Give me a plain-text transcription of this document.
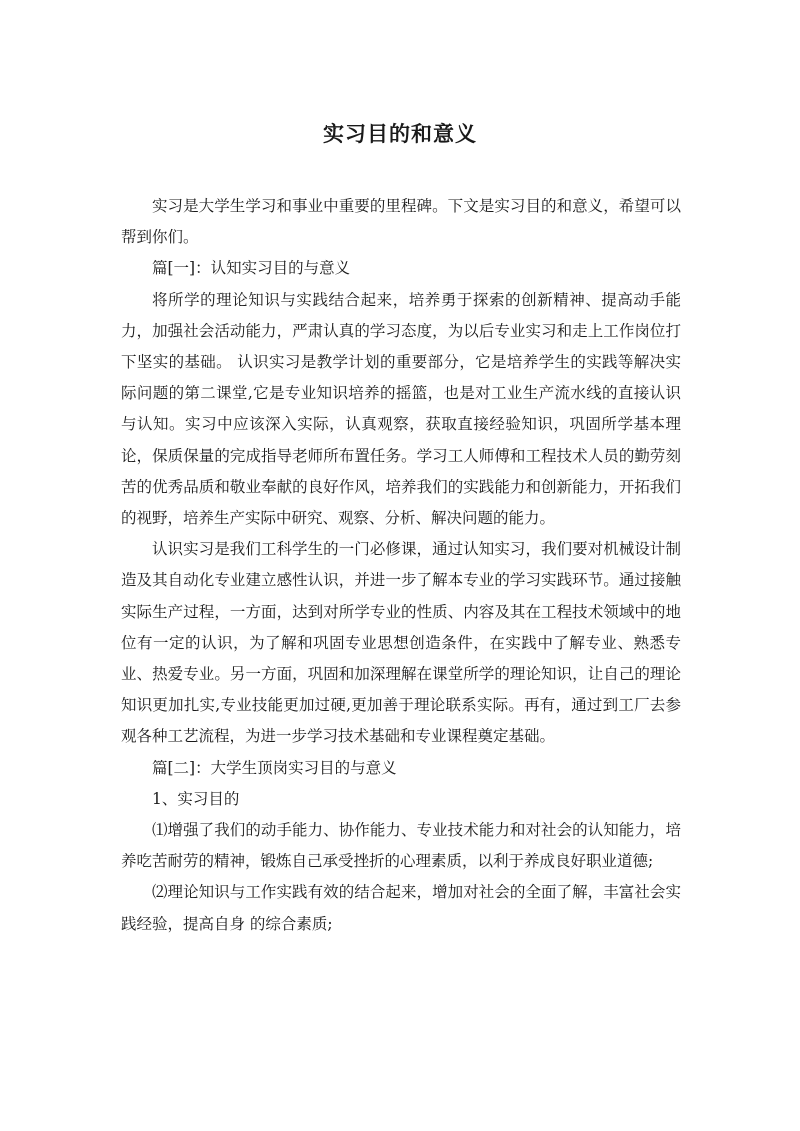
实习目的和意义

实习是大学生学习和事业中重要的里程碑。下文是实习目的和意义，希望可以帮到你们。

篇[一]：认知实习目的与意义

将所学的理论知识与实践结合起来，培养勇于探索的创新精神、提高动手能力，加强社会活动能力，严肃认真的学习态度，为以后专业实习和走上工作岗位打下坚实的基础。 认识实习是教学计划的重要部分，它是培养学生的实践等解决实际问题的第二课堂,它是专业知识培养的摇篮，也是对工业生产流水线的直接认识与认知。实习中应该深入实际，认真观察，获取直接经验知识，巩固所学基本理论，保质保量的完成指导老师所布置任务。学习工人师傅和工程技术人员的勤劳刻苦的优秀品质和敬业奉献的良好作风，培养我们的实践能力和创新能力，开拓我们的视野，培养生产实际中研究、观察、分析、解决问题的能力。

认识实习是我们工科学生的一门必修课，通过认知实习，我们要对机械设计制造及其自动化专业建立感性认识，并进一步了解本专业的学习实践环节。通过接触实际生产过程，一方面，达到对所学专业的性质、内容及其在工程技术领域中的地位有一定的认识，为了解和巩固专业思想创造条件，在实践中了解专业、熟悉专业、热爱专业。另一方面，巩固和加深理解在课堂所学的理论知识，让自己的理论知识更加扎实,专业技能更加过硬,更加善于理论联系实际。再有，通过到工厂去参观各种工艺流程，为进一步学习技术基础和专业课程奠定基础。

篇[二]：大学生顶岗实习目的与意义

1、实习目的

⑴增强了我们的动手能力、协作能力、专业技术能力和对社会的认知能力，培养吃苦耐劳的精神，锻炼自己承受挫折的心理素质，以利于养成良好职业道德;

⑵理论知识与工作实践有效的结合起来，增加对社会的全面了解，丰富社会实践经验，提高自身 的综合素质;
